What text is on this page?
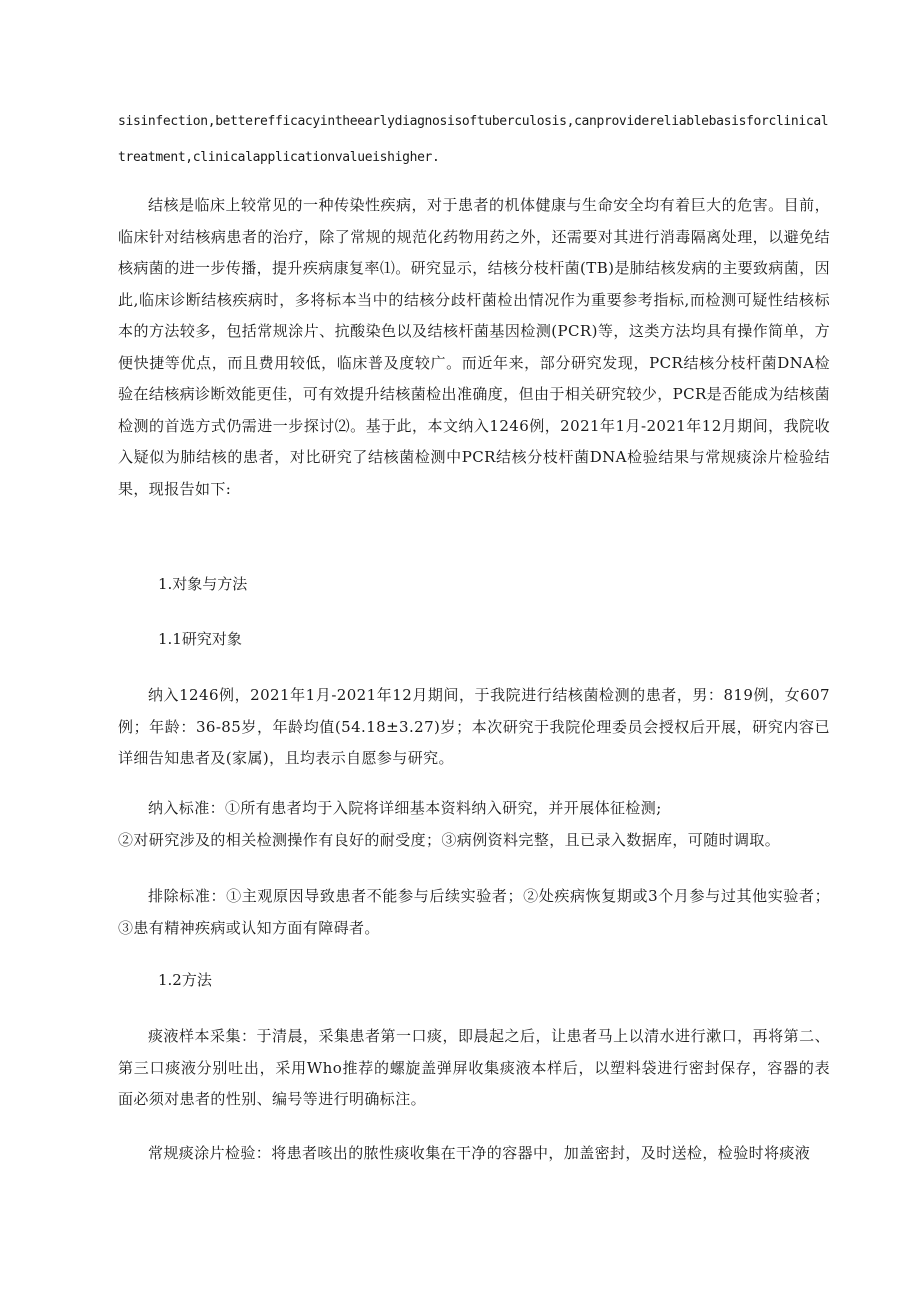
sisinfection,betterefficacyintheearlydiagnosisoftuberculosis,canprovidereliablebasisforclinicaltreatment,clinicalapplicationvalueishigher.

结核是临床上较常见的一种传染性疾病，对于患者的机体健康与生命安全均有着巨大的危害。目前，临床针对结核病患者的治疗，除了常规的规范化药物用药之外，还需要对其进行消毒隔离处理，以避免结核病菌的进一步传播，提升疾病康复率⑴。研究显示，结核分枝杆菌(TB)是肺结核发病的主要致病菌，因此,临床诊断结核疾病时，多将标本当中的结核分歧杆菌检出情况作为重要参考指标,而检测可疑性结核标本的方法较多，包括常规涂片、抗酸染色以及结核杆菌基因检测(PCR)等，这类方法均具有操作简单，方便快捷等优点，而且费用较低，临床普及度较广。而近年来，部分研究发现，PCR结核分枝杆菌DNA检验在结核病诊断效能更佳，可有效提升结核菌检出准确度，但由于相关研究较少，PCR是否能成为结核菌检测的首选方式仍需进一步探讨⑵。基于此，本文纳入1246例，2021年1月-2021年12月期间，我院收入疑似为肺结核的患者，对比研究了结核菌检测中PCR结核分枝杆菌DNA检验结果与常规痰涂片检验结果，现报告如下:

1.对象与方法

1.1研究对象

纳入1246例，2021年1月-2021年12月期间，于我院进行结核菌检测的患者，男：819例，女607例；年龄：36-85岁，年龄均值(54.18±3.27)岁；本次研究于我院伦理委员会授权后开展，研究内容已详细告知患者及(家属)，且均表示自愿参与研究。

纳入标准：①所有患者均于入院将详细基本资料纳入研究，并开展体征检测;

②对研究涉及的相关检测操作有良好的耐受度；③病例资料完整，且已录入数据库，可随时调取。

排除标准：①主观原因导致患者不能参与后续实验者；②处疾病恢复期或3个月参与过其他实验者；③患有精神疾病或认知方面有障碍者。

1.2方法

痰液样本采集：于清晨，采集患者第一口痰，即晨起之后，让患者马上以清水进行漱口，再将第二、第三口痰液分别吐出，采用Who推荐的螺旋盖弹屏收集痰液本样后，以塑料袋进行密封保存，容器的表面必须对患者的性别、编号等进行明确标注。

常规痰涂片检验：将患者咳出的脓性痰收集在干净的容器中，加盖密封，及时送检，检验时将痰液
